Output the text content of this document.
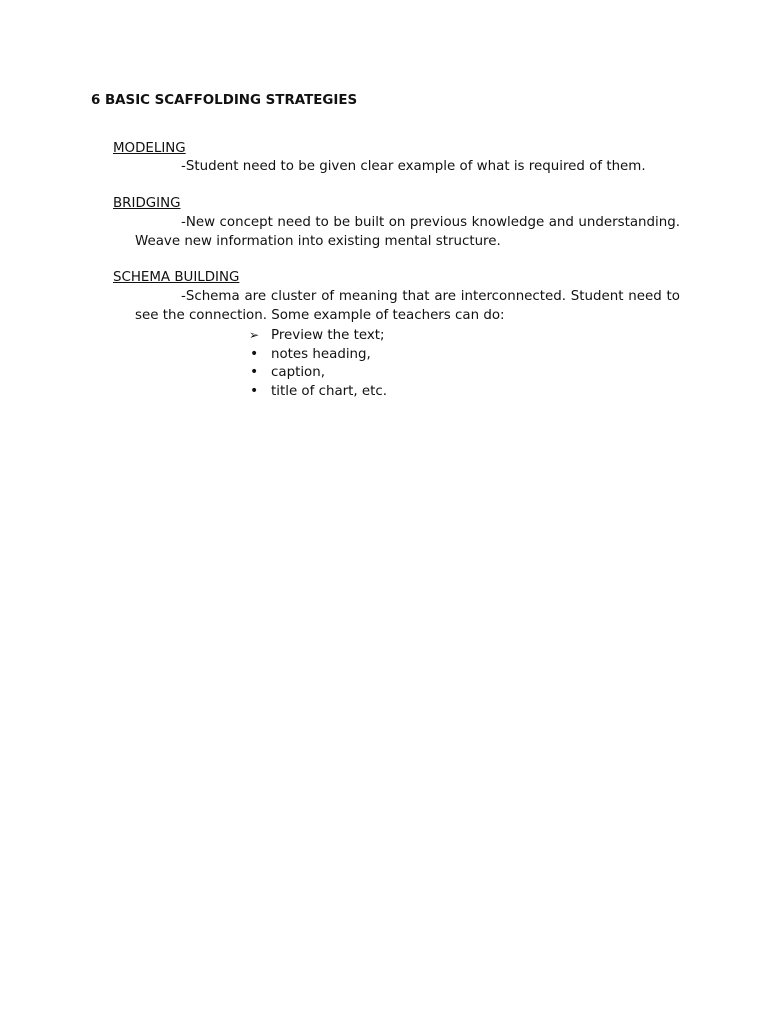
6 BASIC SCAFFOLDING STRATEGIES
MODELING
-Student need to be given clear example of what is required of them.
BRIDGING
-New concept need to be built on previous knowledge and understanding. Weave new information into existing mental structure.
SCHEMA BUILDING
-Schema are cluster of meaning that are interconnected. Student need to see the connection. Some example of teachers can do:
➢ Preview the text;
• notes heading,
• caption,
• title of chart, etc.
